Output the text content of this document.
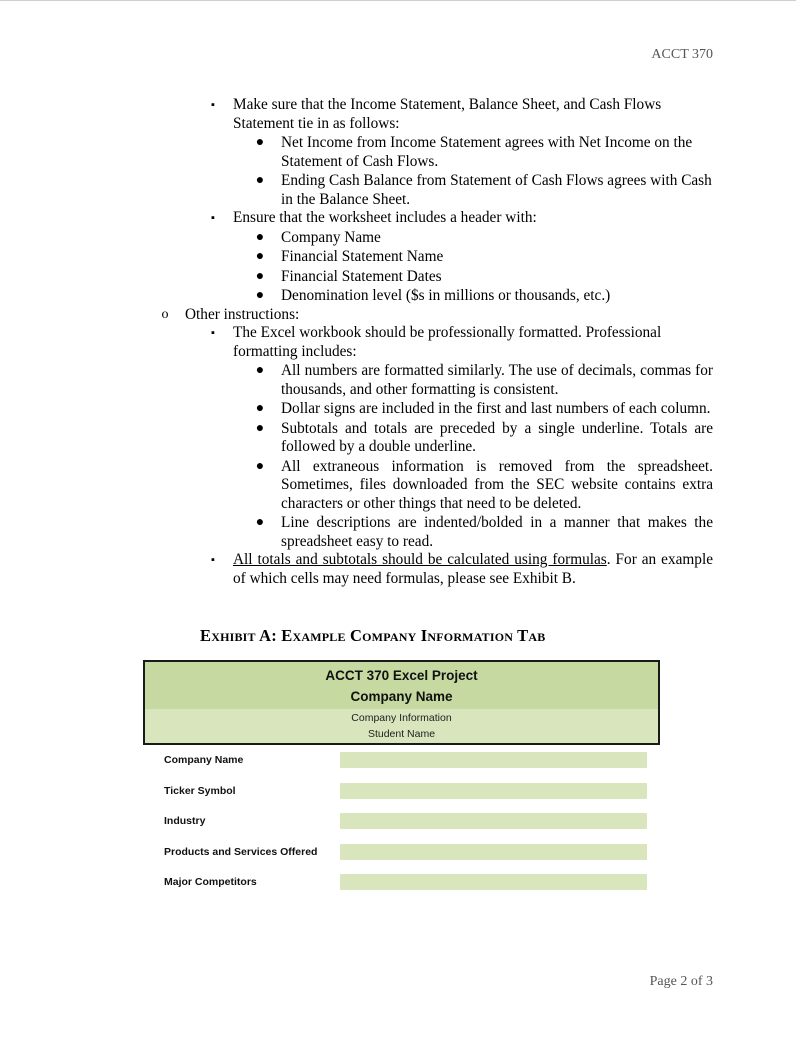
ACCT 370
▪ Make sure that the Income Statement, Balance Sheet, and Cash Flows Statement tie in as follows:
● Net Income from Income Statement agrees with Net Income on the Statement of Cash Flows.
● Ending Cash Balance from Statement of Cash Flows agrees with Cash in the Balance Sheet.
▪ Ensure that the worksheet includes a header with:
● Company Name
● Financial Statement Name
● Financial Statement Dates
● Denomination level ($s in millions or thousands, etc.)
o Other instructions:
▪ The Excel workbook should be professionally formatted. Professional formatting includes:
● All numbers are formatted similarly. The use of decimals, commas for thousands, and other formatting is consistent.
● Dollar signs are included in the first and last numbers of each column.
● Subtotals and totals are preceded by a single underline. Totals are followed by a double underline.
● All extraneous information is removed from the spreadsheet. Sometimes, files downloaded from the SEC website contains extra characters or other things that need to be deleted.
● Line descriptions are indented/bolded in a manner that makes the spreadsheet easy to read.
▪ All totals and subtotals should be calculated using formulas. For an example of which cells may need formulas, please see Exhibit B.
Exhibit A: Example Company Information Tab
ACCT 370 Excel Project
Company Name
Company Information
Student Name
Company Name
Ticker Symbol
Industry
Products and Services Offered
Major Competitors
Page 2 of 3
